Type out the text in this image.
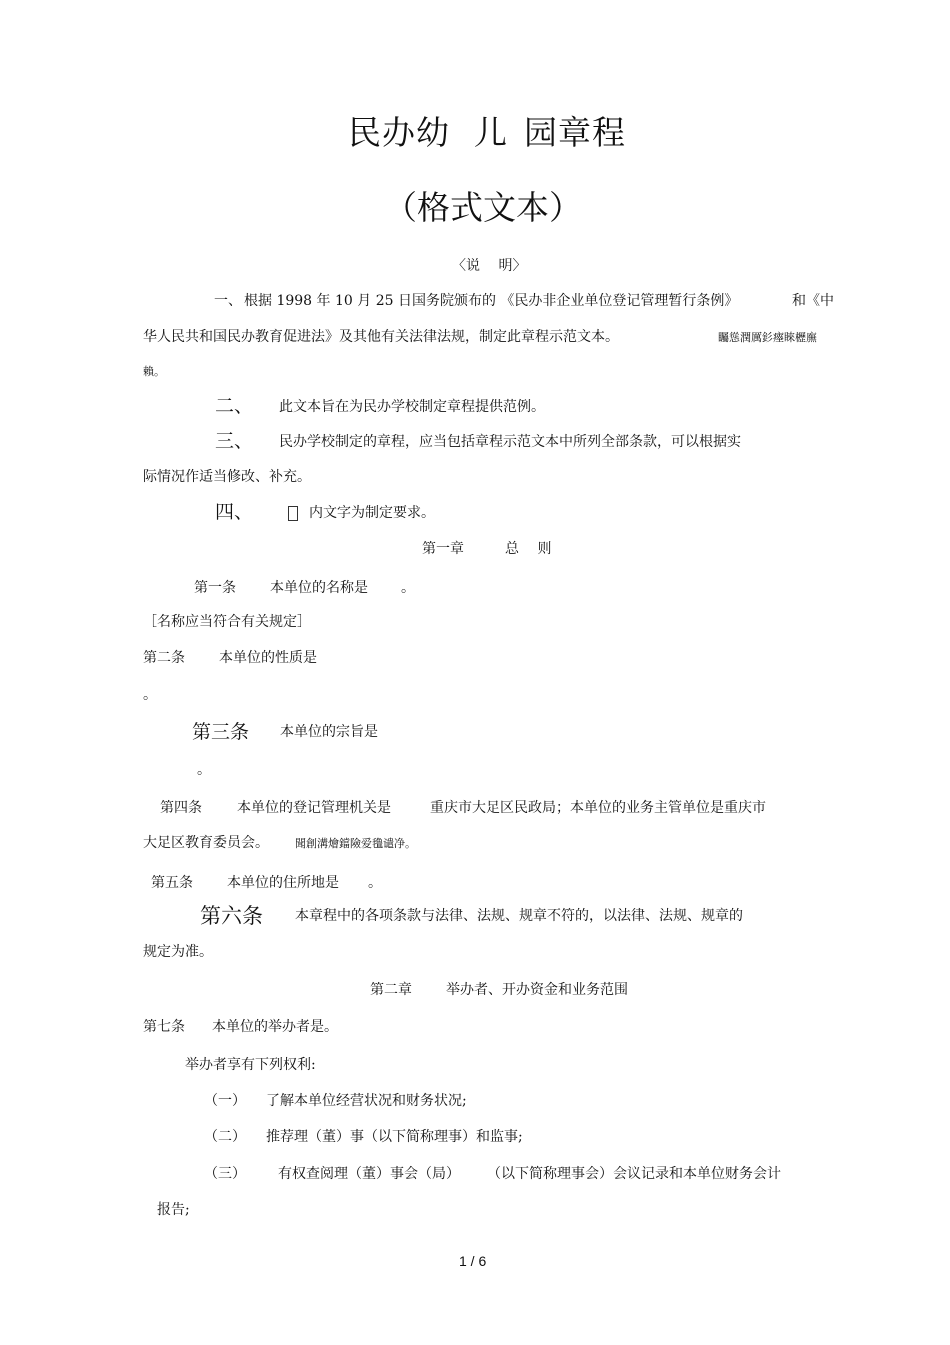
民办幼 儿 园章程
（格式文本）
〈说　 明〉
一、 根据 1998 年 10 月 25 日国务院颁布的 《民办非企业单位登记管理暂行条例》	和《中
华人民共和国民办教育促进法》及其他有关法律法规，制定此章程示范文本。	矚慫潤厲釤瘞睞櫪廡
賴。
二、 此文本旨在为民办学校制定章程提供范例。
三、 民办学校制定的章程，应当包括章程示范文本中所列全部条款，可以根据实
际情况作适当修改、补充。
四、	内文字为制定要求。
第一章	总　 则
第一条 本单位的名称是 。
［名称应当符合有关规定］
第二条 本单位的性质是
。
第三条 本单位的宗旨是
。
第四条	本单位的登记管理机关是	重庆市大足区民政局；本单位的业务主管单位是重庆市
大足区教育委员会。 聞創溝燴鐺險爱氇谴净。
第五条 本单位的住所地是 。
第六条 本章程中的各项条款与法律、法规、规章不符的，以法律、法规、规章的
规定为准。
第二章 举办者、开办资金和业务范围
第七条 本单位的举办者是。
举办者享有下列权利:
（一） 了解本单位经营状况和财务状况;
（二） 推荐理（董）事（以下简称理事）和监事;
（三） 有权查阅理（董）事会（局） （以下简称理事会）会议记录和本单位财务会计
报告;
1 / 6
